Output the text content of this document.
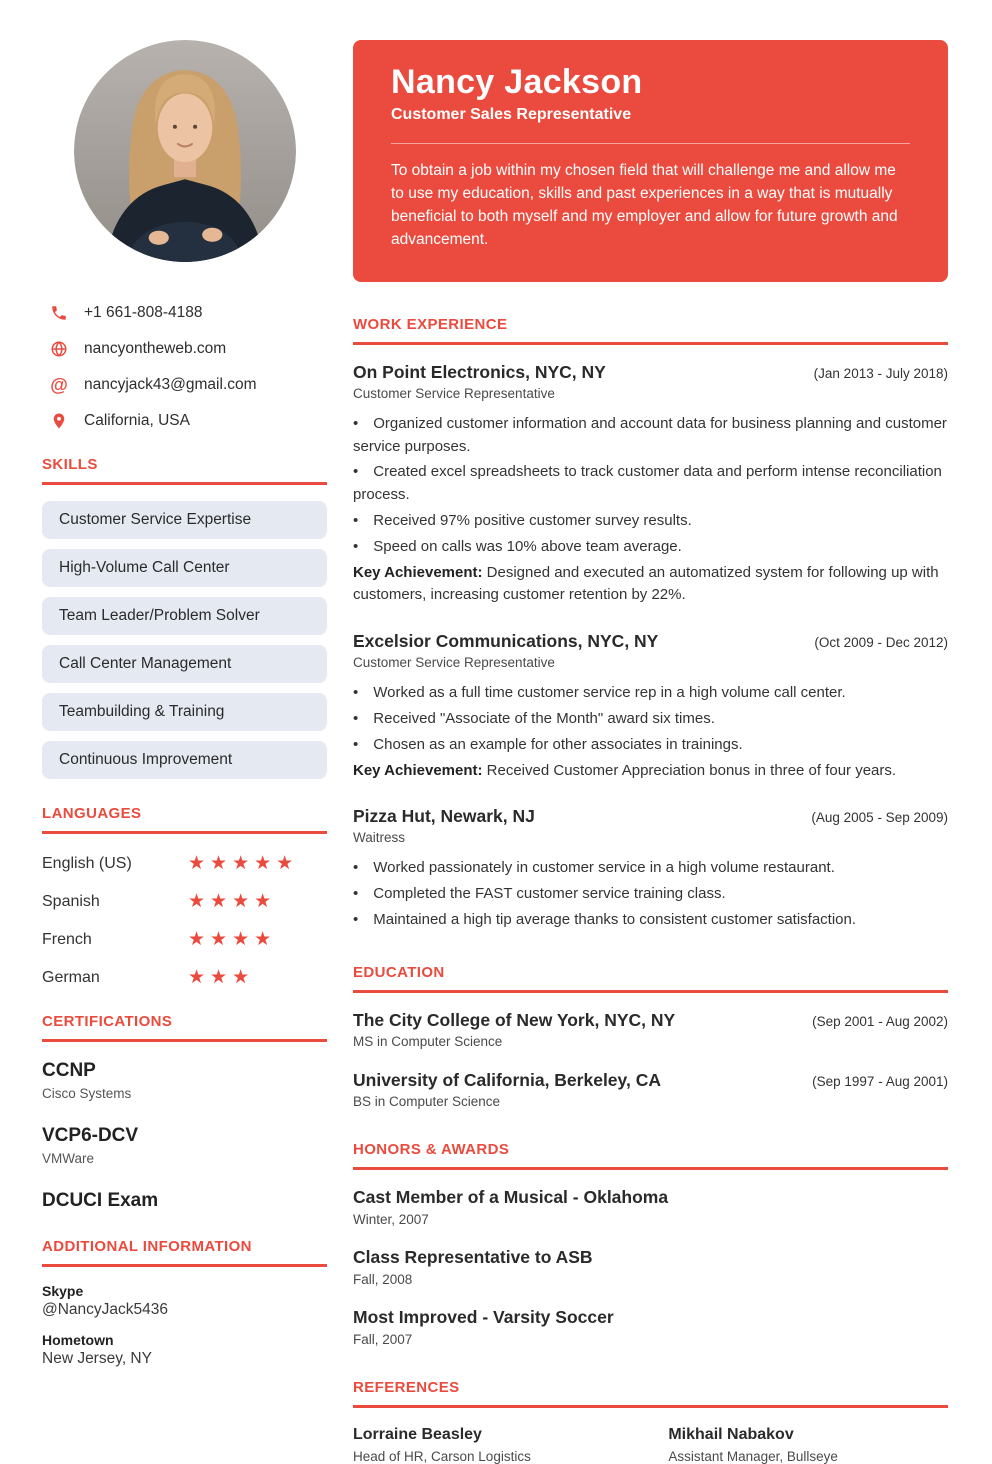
+1 661-808-4188
nancyontheweb.com
@ nancyjack43@gmail.com
California, USA
SKILLS
Customer Service Expertise
High-Volume Call Center
Team Leader/Problem Solver
Call Center Management
Teambuilding & Training
Continuous Improvement
LANGUAGES
English (US)	★★★★★
Spanish	★★★★
French	★★★★
German	★★★
CERTIFICATIONS
CCNP
Cisco Systems
VCP6-DCV
VMWare
DCUCI Exam
ADDITIONAL INFORMATION
Skype
@NancyJack5436
Hometown
New Jersey, NY
Nancy Jackson
Customer Sales Representative

To obtain a job within my chosen field that will challenge me and allow me to use my education, skills and past experiences in a way that is mutually beneficial to both myself and my employer and allow for future growth and advancement.

WORK EXPERIENCE
On Point Electronics, NYC, NY	(Jan 2013 - July 2018)
Customer Service Representative
• Organized customer information and account data for business planning and customer service purposes.
• Created excel spreadsheets to track customer data and perform intense reconciliation process.
• Received 97% positive customer survey results.
• Speed on calls was 10% above team average.

Key Achievement: Designed and executed an automatized system for following up with customers, increasing customer retention by 22%.

Excelsior Communications, NYC, NY	(Oct 2009 - Dec 2012)
Customer Service Representative
• Worked as a full time customer service rep in a high volume call center.
• Received "Associate of the Month" award six times.
• Chosen as an example for other associates in trainings.

Key Achievement: Received Customer Appreciation bonus in three of four years.

Pizza Hut, Newark, NJ	(Aug 2005 - Sep 2009)
Waitress
• Worked passionately in customer service in a high volume restaurant.
• Completed the FAST customer service training class.
• Maintained a high tip average thanks to consistent customer satisfaction.
EDUCATION
The City College of New York, NYC, NY	(Sep 2001 - Aug 2002)
MS in Computer Science
University of California, Berkeley, CA	(Sep 1997 - Aug 2001)
BS in Computer Science
HONORS & AWARDS
Cast Member of a Musical - Oklahoma
Winter, 2007
Class Representative to ASB
Fall, 2008
Most Improved - Varsity Soccer
Fall, 2007
REFERENCES
Lorraine Beasley
Head of HR, Carson Logistics
Mikhail Nabakov
Assistant Manager, Bullseye
